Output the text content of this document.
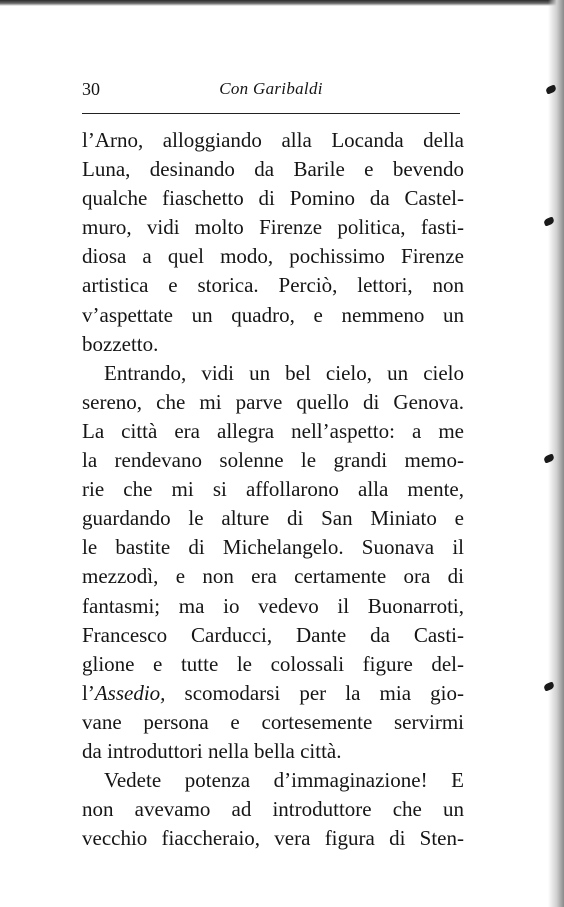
30	Con Garibaldi
l’Arno, alloggiando alla Locanda della
Luna, desinando da Barile e bevendo
qualche fiaschetto di Pomino da Castel-
muro, vidi molto Firenze politica, fasti-
diosa a quel modo, pochissimo Firenze
artistica e storica. Perciò, lettori, non
v’aspettate un quadro, e nemmeno un
bozzetto.
Entrando, vidi un bel cielo, un cielo
sereno, che mi parve quello di Genova.
La città era allegra nell’aspetto: a me
la rendevano solenne le grandi memo-
rie che mi si affollarono alla mente,
guardando le alture di San Miniato e
le bastite di Michelangelo. Suonava il
mezzodì, e non era certamente ora di
fantasmi; ma io vedevo il Buonarroti,
Francesco Carducci, Dante da Casti-
glione e tutte le colossali figure del-
l’Assedio, scomodarsi per la mia gio-
vane persona e cortesemente servirmi
da introduttori nella bella città.
Vedete potenza d’immaginazione! E
non avevamo ad introduttore che un
vecchio fiaccheraio, vera figura di Sten-
